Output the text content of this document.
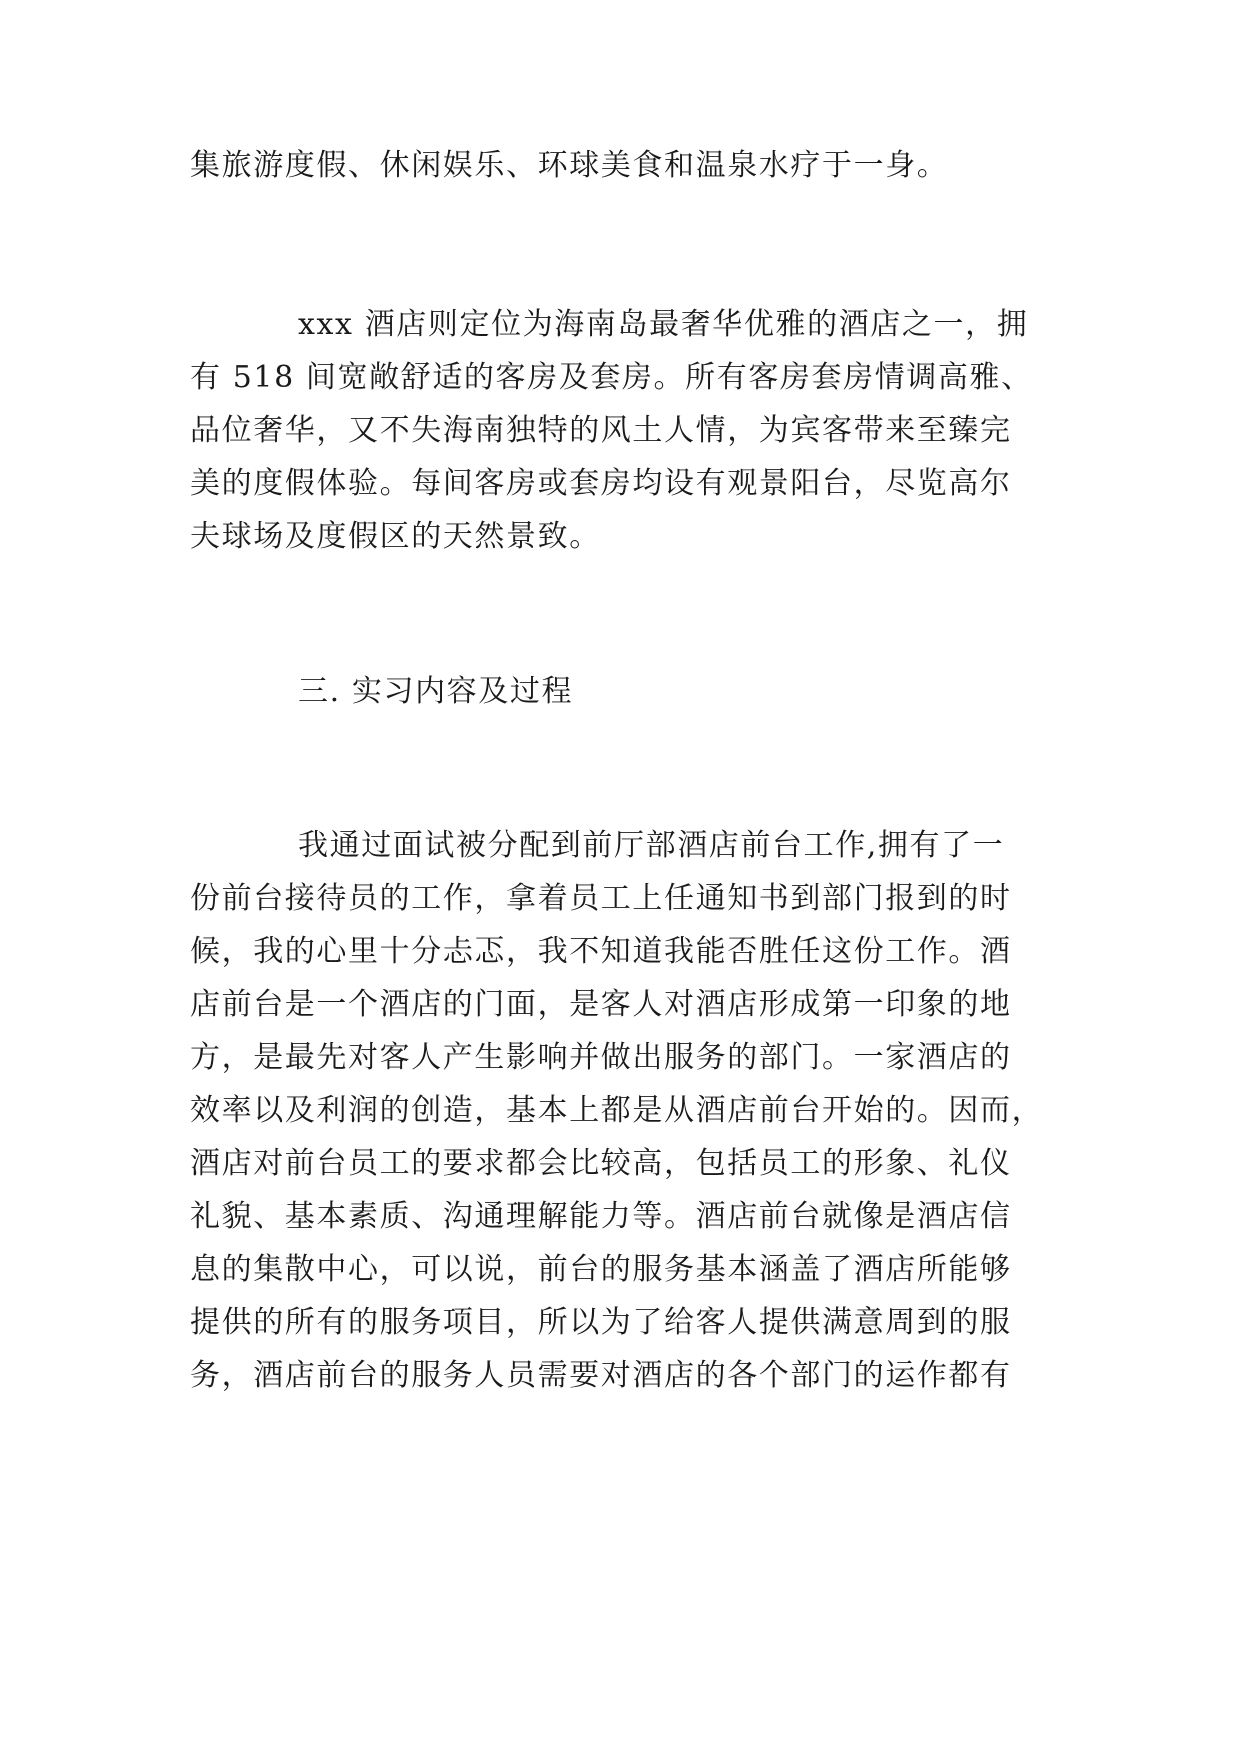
集旅游度假、休闲娱乐、环球美食和温泉水疗于一身。
xxx 酒店则定位为海南岛最奢华优雅的酒店之一，拥
有 518 间宽敞舒适的客房及套房。所有客房套房情调高雅、
品位奢华，又不失海南独特的风土人情，为宾客带来至臻完
美的度假体验。每间客房或套房均设有观景阳台，尽览高尔
夫球场及度假区的天然景致。
三. 实习内容及过程
我通过面试被分配到前厅部酒店前台工作,拥有了一
份前台接待员的工作，拿着员工上任通知书到部门报到的时
候，我的心里十分忐忑，我不知道我能否胜任这份工作。酒
店前台是一个酒店的门面，是客人对酒店形成第一印象的地
方，是最先对客人产生影响并做出服务的部门。一家酒店的
效率以及利润的创造，基本上都是从酒店前台开始的。因而，
酒店对前台员工的要求都会比较高，包括员工的形象、礼仪
礼貌、基本素质、沟通理解能力等。酒店前台就像是酒店信
息的集散中心，可以说，前台的服务基本涵盖了酒店所能够
提供的所有的服务项目，所以为了给客人提供满意周到的服
务，酒店前台的服务人员需要对酒店的各个部门的运作都有
